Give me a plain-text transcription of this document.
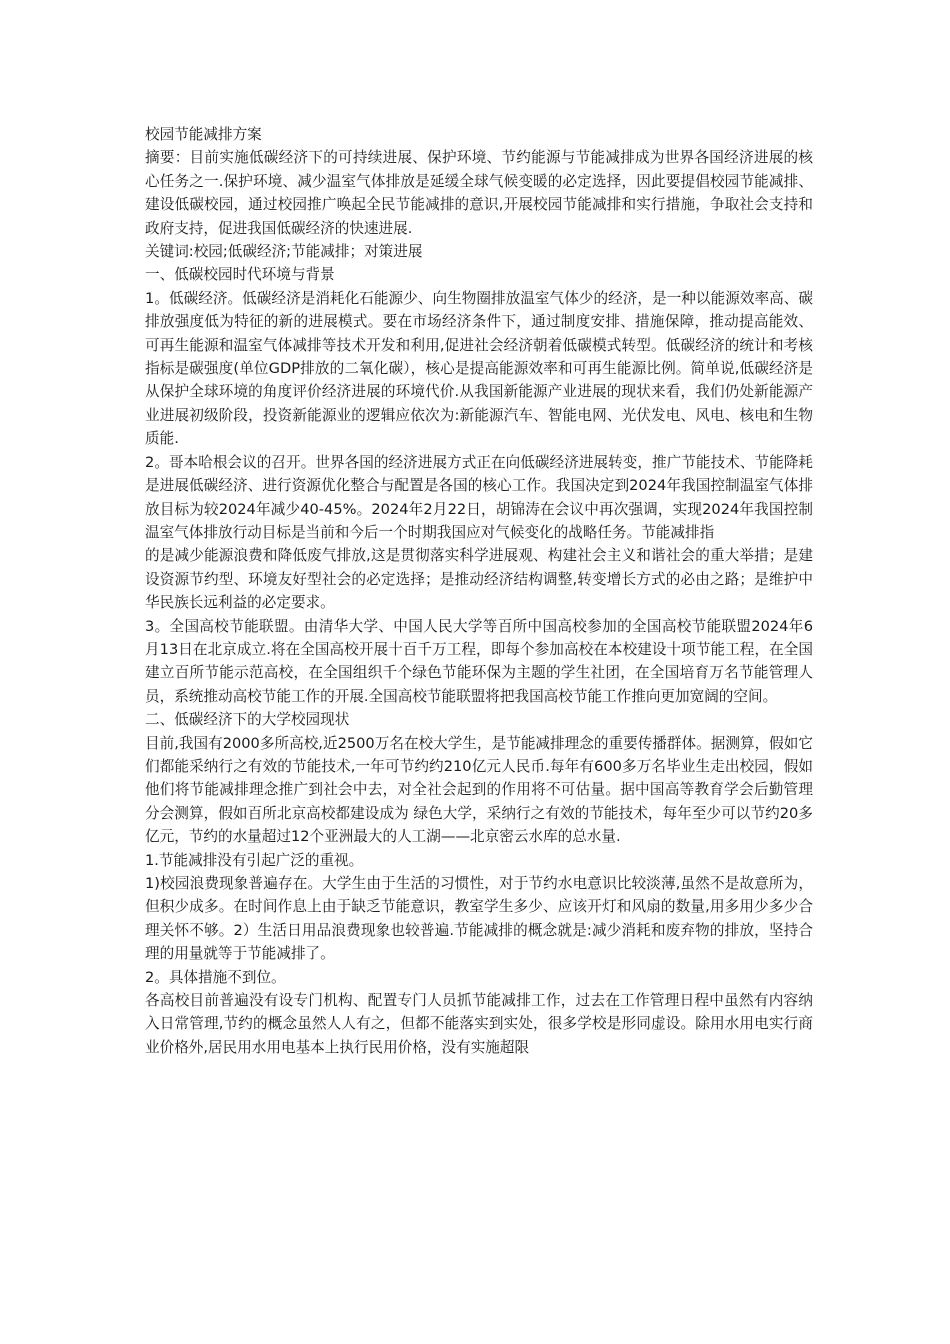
校园节能减排方案

摘要：目前实施低碳经济下的可持续进展、保护环境、节约能源与节能减排成为世界各国经济进展的核心任务之一.保护环境、减少温室气体排放是延缓全球气候变暖的必定选择，因此要提倡校园节能减排、建设低碳校园，通过校园推广唤起全民节能减排的意识,开展校园节能减排和实行措施，争取社会支持和政府支持，促进我国低碳经济的快速进展.

关键词:校园;低碳经济;节能减排；对策进展

一、低碳校园时代环境与背景

1。低碳经济。低碳经济是消耗化石能源少、向生物圈排放温室气体少的经济，是一种以能源效率高、碳排放强度低为特征的新的进展模式。要在市场经济条件下，通过制度安排、措施保障，推动提高能效、可再生能源和温室气体减排等技术开发和利用,促进社会经济朝着低碳模式转型。低碳经济的统计和考核指标是碳强度(单位GDP排放的二氧化碳），核心是提高能源效率和可再生能源比例。简单说,低碳经济是从保护全球环境的角度评价经济进展的环境代价.从我国新能源产业进展的现状来看，我们仍处新能源产业进展初级阶段，投资新能源业的逻辑应依次为:新能源汽车、智能电网、光伏发电、风电、核电和生物质能.

2。哥本哈根会议的召开。世界各国的经济进展方式正在向低碳经济进展转变，推广节能技术、节能降耗是进展低碳经济、进行资源优化整合与配置是各国的核心工作。我国决定到2024年我国控制温室气体排放目标为较2024年减少40-45%。2024年2月22日，胡锦涛在会议中再次强调，实现2024年我国控制温室气体排放行动目标是当前和今后一个时期我国应对气候变化的战略任务。节能减排指

的是减少能源浪费和降低废气排放,这是贯彻落实科学进展观、构建社会主义和谐社会的重大举措；是建设资源节约型、环境友好型社会的必定选择；是推动经济结构调整,转变增长方式的必由之路；是维护中华民族长远利益的必定要求。

3。全国高校节能联盟。由清华大学、中国人民大学等百所中国高校参加的全国高校节能联盟2024年6月13日在北京成立.将在全国高校开展十百千万工程，即每个参加高校在本校建设十项节能工程，在全国建立百所节能示范高校，在全国组织千个绿色节能环保为主题的学生社团，在全国培育万名节能管理人员，系统推动高校节能工作的开展.全国高校节能联盟将把我国高校节能工作推向更加宽阔的空间。

二、低碳经济下的大学校园现状

目前,我国有2000多所高校,近2500万名在校大学生，是节能减排理念的重要传播群体。据测算，假如它们都能采纳行之有效的节能技术,一年可节约约210亿元人民币.每年有600多万名毕业生走出校园，假如他们将节能减排理念推广到社会中去，对全社会起到的作用将不可估量。据中国高等教育学会后勤管理分会测算，假如百所北京高校都建设成为 绿色大学，采纳行之有效的节能技术，每年至少可以节约20多亿元，节约的水量超过12个亚洲最大的人工湖——北京密云水库的总水量.

1.节能减排没有引起广泛的重视。

1)校园浪费现象普遍存在。大学生由于生活的习惯性，对于节约水电意识比较淡薄,虽然不是故意所为，但积少成多。在时间作息上由于缺乏节能意识，教室学生多少、应该开灯和风扇的数量,用多用少多少合理关怀不够。2）生活日用品浪费现象也较普遍.节能减排的概念就是:减少消耗和废弃物的排放，坚持合理的用量就等于节能减排了。

2。具体措施不到位。

各高校目前普遍没有设专门机构、配置专门人员抓节能减排工作，过去在工作管理日程中虽然有内容纳入日常管理,节约的概念虽然人人有之，但都不能落实到实处，很多学校是形同虚设。除用水用电实行商业价格外,居民用水用电基本上执行民用价格，没有实施超限
